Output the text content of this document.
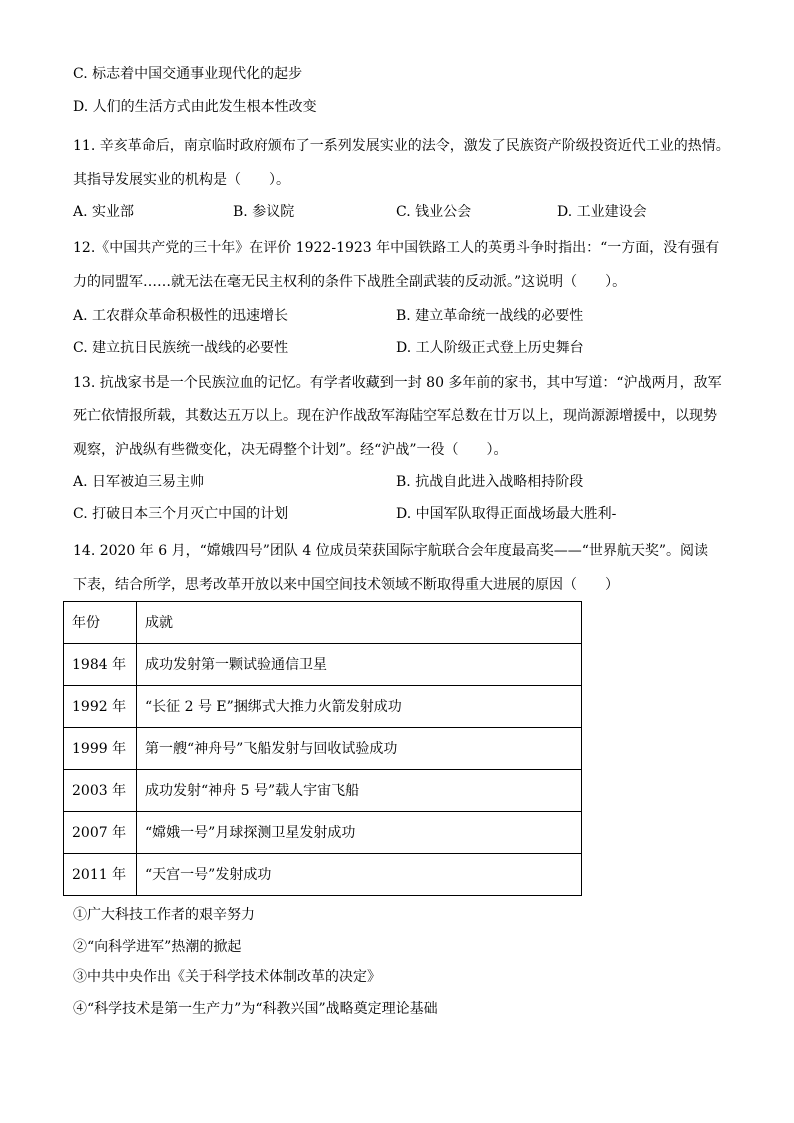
C. 标志着中国交通事业现代化的起步
D. 人们的生活方式由此发生根本性改变
11. 辛亥革命后，南京临时政府颁布了一系列发展实业的法令，激发了民族资产阶级投资近代工业的热情。
其指导发展实业的机构是（　　）。
A. 实业部	B. 参议院	C. 钱业公会	D. 工业建设会
12.《中国共产党的三十年》在评价 1922-1923 年中国铁路工人的英勇斗争时指出：“一方面，没有强有
力的同盟军……就无法在毫无民主权利的条件下战胜全副武装的反动派。”这说明（　　）。
A. 工农群众革命积极性的迅速增长	B. 建立革命统一战线的必要性
C. 建立抗日民族统一战线的必要性	D. 工人阶级正式登上历史舞台
13. 抗战家书是一个民族泣血的记忆。有学者收藏到一封 80 多年前的家书，其中写道：“沪战两月，敌军
死亡依情报所载，其数达五万以上。现在沪作战敌军海陆空军总数在廿万以上，现尚源源增援中，以现势
观察，沪战纵有些微变化，决无碍整个计划”。经“沪战”一役（　　）。
A. 日军被迫三易主帅	B. 抗战自此进入战略相持阶段
C. 打破日本三个月灭亡中国的计划	D. 中国军队取得正面战场最大胜利-
14. 2020 年 6 月，“嫦娥四号”团队 4 位成员荣获国际宇航联合会年度最高奖——“世界航天奖”。阅读
下表，结合所学，思考改革开放以来中国空间技术领域不断取得重大进展的原因（　　）
年份	成就
1984 年	成功发射第一颗试验通信卫星
1992 年	“长征 2 号 E”捆绑式大推力火箭发射成功
1999 年	第一艘“神舟号”飞船发射与回收试验成功
2003 年	成功发射“神舟 5 号”载人宇宙飞船
2007 年	“嫦娥一号”月球探测卫星发射成功
2011 年	“天宫一号”发射成功
①广大科技工作者的艰辛努力
②“向科学进军”热潮的掀起
③中共中央作出《关于科学技术体制改革的决定》
④“科学技术是第一生产力”为“科教兴国”战略奠定理论基础
